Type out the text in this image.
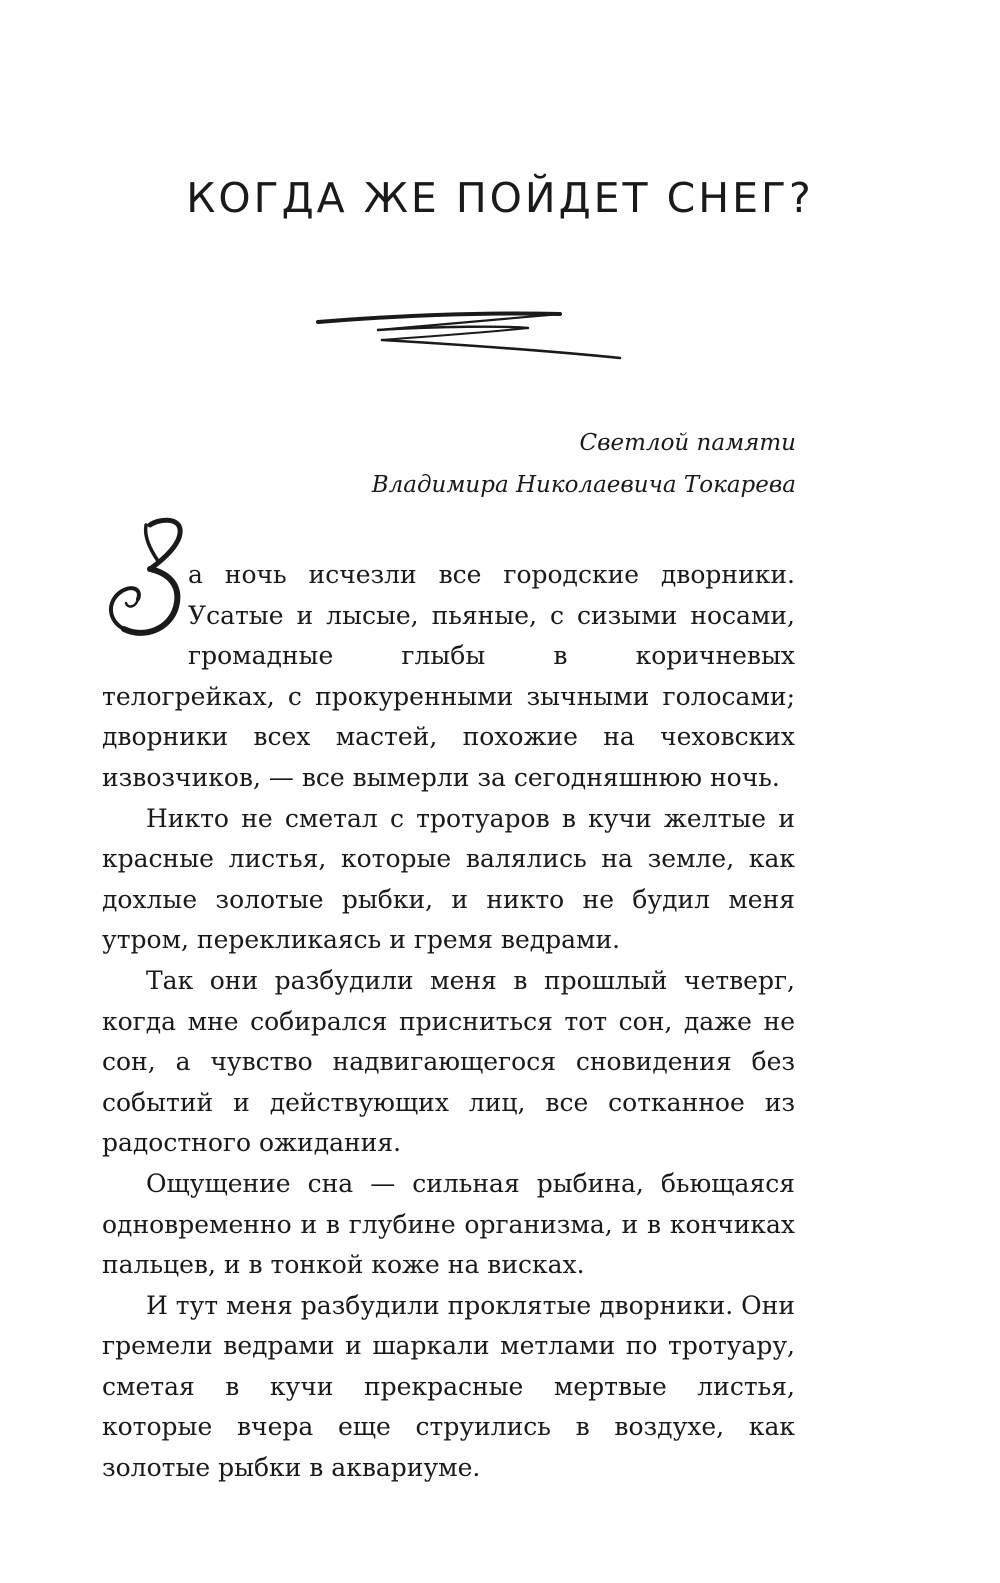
КОГДА ЖЕ ПОЙДЕТ СНЕГ?
Светлой памяти
Владимира Николаевича Токарева

а ночь исчезли все городские дворники. Усатые и лысые, пьяные, с сизыми носами, громадные глыбы в коричневых телогрейках, с прокуренными зычными голосами; дворники всех мастей, похожие на чеховских извозчиков, — все вымерли за сегодняшнюю ночь.

Никто не сметал с тротуаров в кучи желтые и красные листья, которые валялись на земле, как дохлые золотые рыбки, и никто не будил меня утром, перекликаясь и гремя ведрами.

Так они разбудили меня в прошлый четверг, когда мне собирался присниться тот сон, даже не сон, а чувство надвигающегося сновидения без событий и действующих лиц, все сотканное из радостного ожидания.

Ощущение сна — сильная рыбина, бьющаяся одновременно и в глубине организма, и в кончиках пальцев, и в тонкой коже на висках.

И тут меня разбудили проклятые дворники. Они гремели ведрами и шаркали метлами по тротуару, сметая в кучи прекрасные мертвые листья, которые вчера еще струились в воздухе, как золотые рыбки в аквариуме.
